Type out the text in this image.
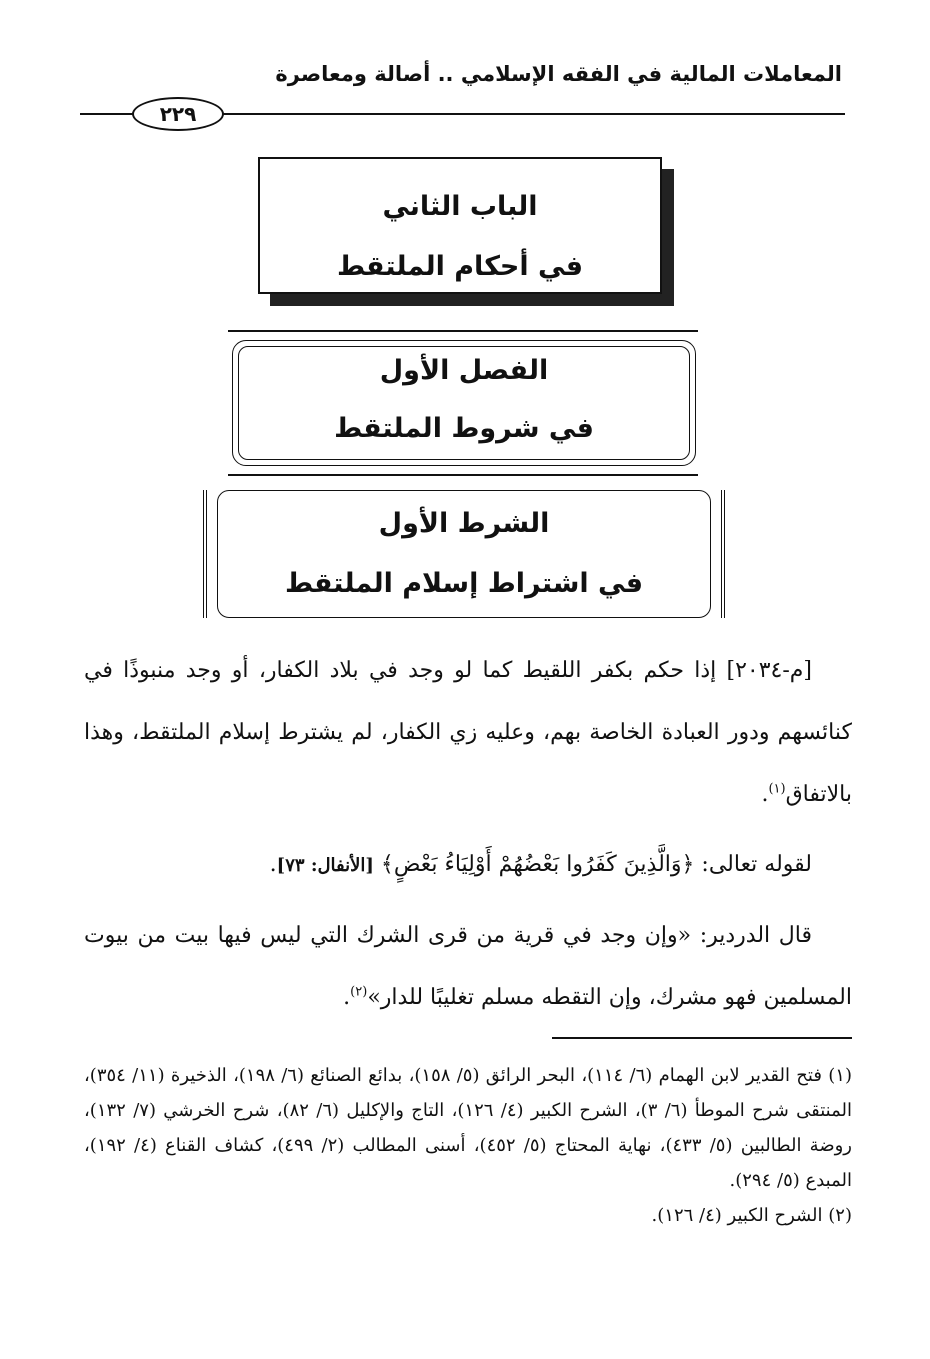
المعاملات المالية في الفقه الإسلامي .. أصالة ومعاصرة
٢٢٩
الباب الثاني
في أحكام الملتقط
الفصل الأول
في شروط الملتقط
الشرط الأول
في اشتراط إسلام الملتقط

[م-٢٠٣٤] إذا حكم بكفر اللقيط كما لو وجد في بلاد الكفار، أو وجد منبوذًا في كنائسهم ودور العبادة الخاصة بهم، وعليه زي الكفار، لم يشترط إسلام الملتقط، وهذا بالاتفاق$^{(١)}$.

لقوله تعالى: ﴿وَالَّذِينَ كَفَرُوا بَعْضُهُمْ أَوْلِيَاءُ بَعْضٍ﴾ [الأنفال: ٧٣].

قال الدردير: «وإن وجد في قرية من قرى الشرك التي ليس فيها بيت من بيوت المسلمين فهو مشرك، وإن التقطه مسلم تغليبًا للدار»$^{(٢)}$.

(١) فتح القدير لابن الهمام (٦/ ١١٤)، البحر الرائق (٥/ ١٥٨)، بدائع الصنائع (٦/ ١٩٨)، الذخيرة (١١/ ٣٥٤)، المنتقى شرح الموطأ (٦/ ٣)، الشرح الكبير (٤/ ١٢٦)، التاج والإكليل (٦/ ٨٢)، شرح الخرشي (٧/ ١٣٢)، روضة الطالبين (٥/ ٤٣٣)، نهاية المحتاج (٥/ ٤٥٢)، أسنى المطالب (٢/ ٤٩٩)، كشاف القناع (٤/ ١٩٢)، المبدع (٥/ ٢٩٤).

(٢) الشرح الكبير (٤/ ١٢٦).
